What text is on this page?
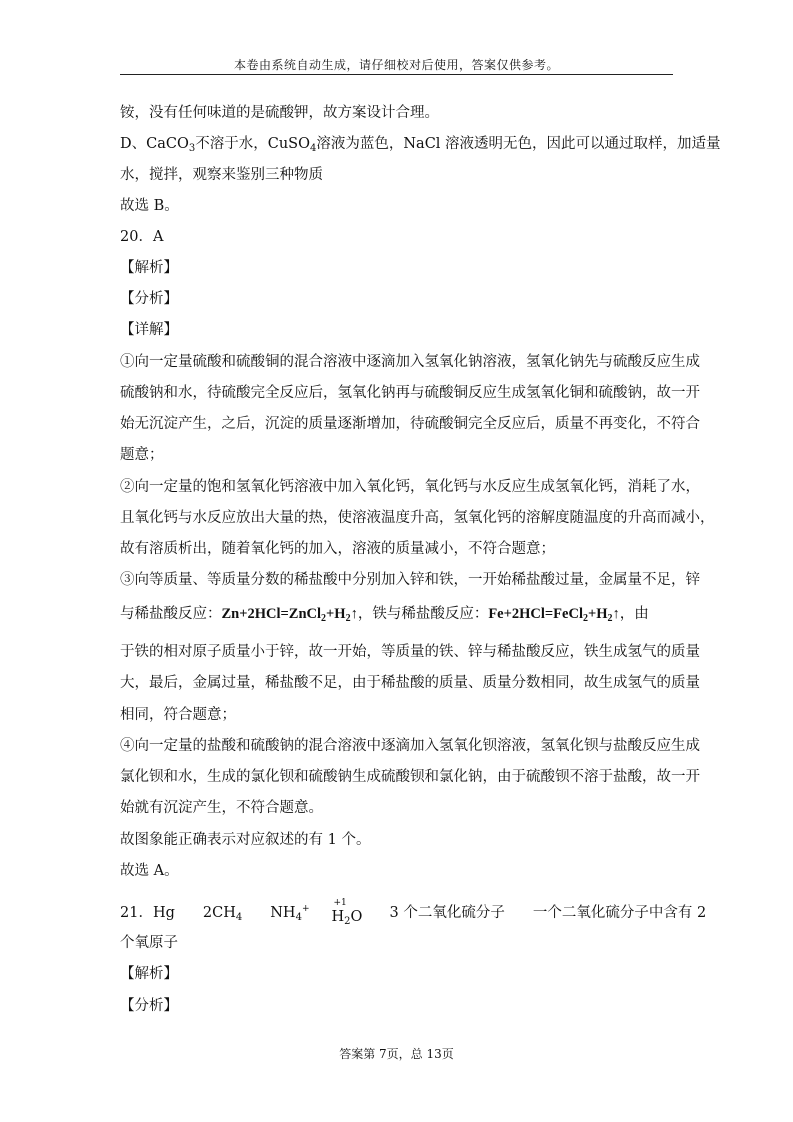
本卷由系统自动生成，请仔细校对后使用，答案仅供参考。
铵，没有任何味道的是硫酸钾，故方案设计合理。
D、CaCO$_3$不溶于水，CuSO$_4$溶液为蓝色，NaCl 溶液透明无色，因此可以通过取样，加适量
水，搅拌，观察来鉴别三种物质
故选 B。
20．A
【解析】
【分析】
【详解】
①向一定量硫酸和硫酸铜的混合溶液中逐滴加入氢氧化钠溶液，氢氧化钠先与硫酸反应生成
硫酸钠和水，待硫酸完全反应后，氢氧化钠再与硫酸铜反应生成氢氧化铜和硫酸钠，故一开
始无沉淀产生，之后，沉淀的质量逐渐增加，待硫酸铜完全反应后，质量不再变化，不符合
题意；
②向一定量的饱和氢氧化钙溶液中加入氧化钙，氧化钙与水反应生成氢氧化钙，消耗了水，
且氧化钙与水反应放出大量的热，使溶液温度升高，氢氧化钙的溶解度随温度的升高而减小，
故有溶质析出，随着氧化钙的加入，溶液的质量减小，不符合题意；
③向等质量、等质量分数的稀盐酸中分别加入锌和铁，一开始稀盐酸过量，金属量不足，锌
与稀盐酸反应：$Zn+2HCl=ZnCl_2+H_2↑$，铁与稀盐酸反应：$Fe+2HCl=FeCl_2+H_2↑$，由
于铁的相对原子质量小于锌，故一开始，等质量的铁、锌与稀盐酸反应，铁生成氢气的质量
大，最后，金属过量，稀盐酸不足，由于稀盐酸的质量、质量分数相同，故生成氢气的质量
相同，符合题意；
④向一定量的盐酸和硫酸钠的混合溶液中逐滴加入氢氧化钡溶液，氢氧化钡与盐酸反应生成
氯化钡和水，生成的氯化钡和硫酸钠生成硫酸钡和氯化钠，由于硫酸钡不溶于盐酸，故一开
始就有沉淀产生，不符合题意。
故图象能正确表示对应叙述的有 1 个。
故选 A。
21．Hg $2CH_4$ $NH_4^+$
+1
$H_2O$ 3 个二氧化硫分子 一个二氧化硫分子中含有 2
个氧原子
【解析】
【分析】
答案第 7页，总 13页
